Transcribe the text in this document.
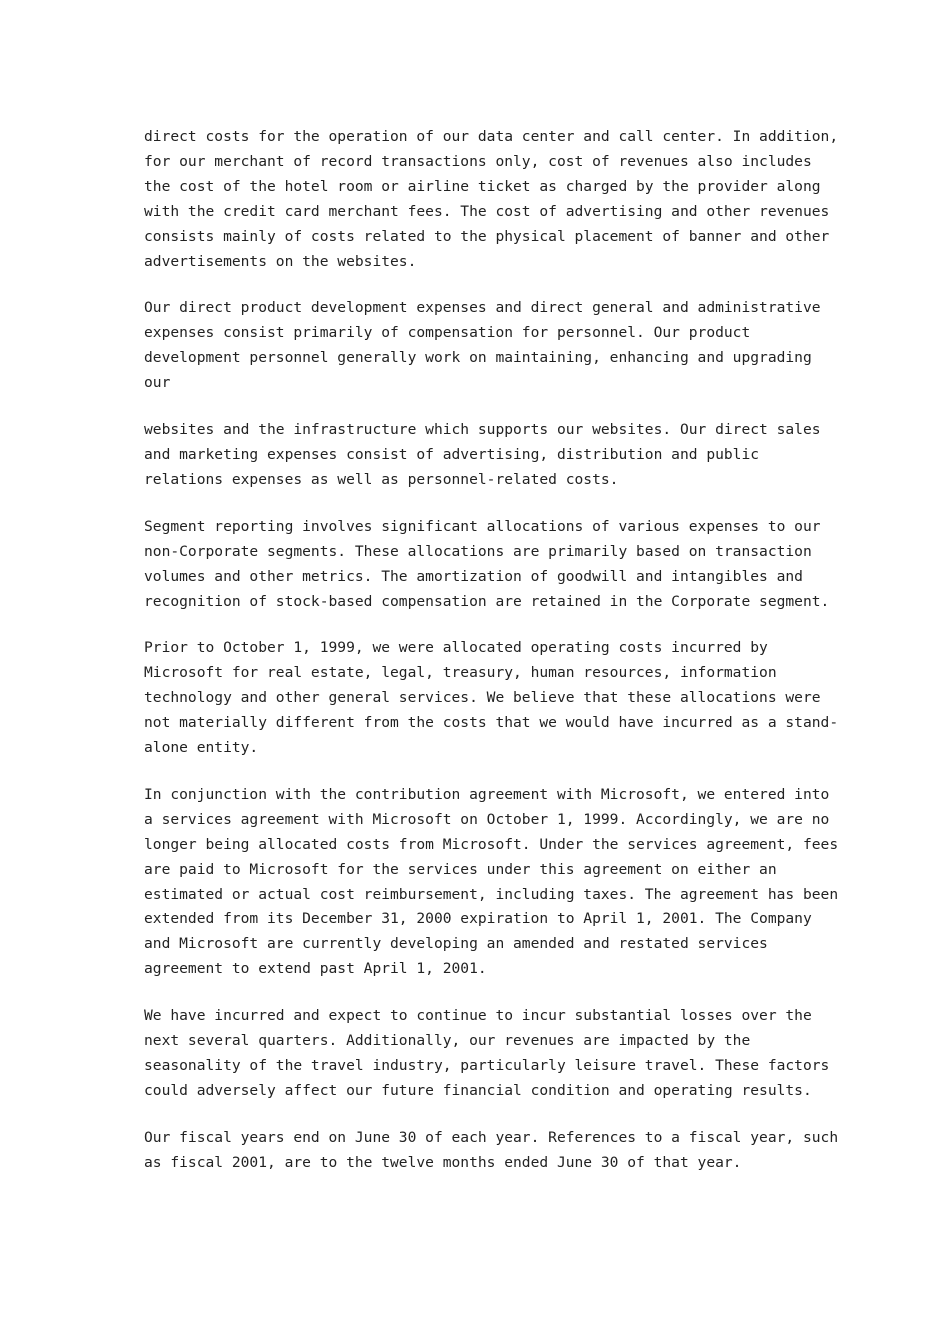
direct costs for the operation of our data center and call center. In addition,
for our merchant of record transactions only, cost of revenues also includes
the cost of the hotel room or airline ticket as charged by the provider along
with the credit card merchant fees. The cost of advertising and other revenues
consists mainly of costs related to the physical placement of banner and other
advertisements on the websites.

Our direct product development expenses and direct general and administrative
expenses consist primarily of compensation for personnel. Our product
development personnel generally work on maintaining, enhancing and upgrading
our

websites and the infrastructure which supports our websites. Our direct sales
and marketing expenses consist of advertising, distribution and public
relations expenses as well as personnel-related costs.

Segment reporting involves significant allocations of various expenses to our
non-Corporate segments. These allocations are primarily based on transaction
volumes and other metrics. The amortization of goodwill and intangibles and
recognition of stock-based compensation are retained in the Corporate segment.

Prior to October 1, 1999, we were allocated operating costs incurred by
Microsoft for real estate, legal, treasury, human resources, information
technology and other general services. We believe that these allocations were
not materially different from the costs that we would have incurred as a stand-
alone entity.

In conjunction with the contribution agreement with Microsoft, we entered into
a services agreement with Microsoft on October 1, 1999. Accordingly, we are no
longer being allocated costs from Microsoft. Under the services agreement, fees
are paid to Microsoft for the services under this agreement on either an
estimated or actual cost reimbursement, including taxes. The agreement has been
extended from its December 31, 2000 expiration to April 1, 2001. The Company
and Microsoft are currently developing an amended and restated services
agreement to extend past April 1, 2001.

We have incurred and expect to continue to incur substantial losses over the
next several quarters. Additionally, our revenues are impacted by the
seasonality of the travel industry, particularly leisure travel. These factors
could adversely affect our future financial condition and operating results.

Our fiscal years end on June 30 of each year. References to a fiscal year, such
as fiscal 2001, are to the twelve months ended June 30 of that year.
